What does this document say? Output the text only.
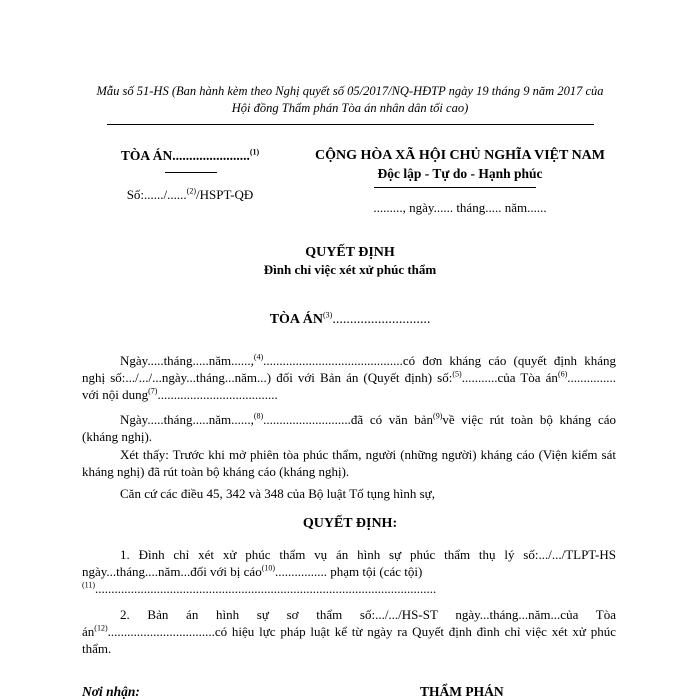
Mẫu số 51-HS (Ban hành kèm theo Nghị quyết số 05/2017/NQ-HĐTP ngày 19 tháng 9 năm 2017 của
Hội đồng Thẩm phán Tòa án nhân dân tối cao)
TÒA ÁN.......................$^{(1)}$
Số:....../......$^{(2)}$/HSPT-QĐ
CỘNG HÒA XÃ HỘI CHỦ NGHĨA VIỆT NAM
Độc lập - Tự do - Hạnh phúc
........., ngày...... tháng..... năm......
QUYẾT ĐỊNH
Đình chỉ việc xét xử phúc thẩm
TÒA ÁN$^{(3)}$............................
Ngày.....tháng.....năm......,$^{(4)}$...........................................có đơn kháng cáo (quyết định kháng nghị số:.../.../...ngày...tháng...năm...) đối với Bản án (Quyết định) số:$^{(5)}$...........của Tòa $án^{(6)}$............... với nội dung$^{(7)}$.....................................
Ngày.....tháng.....năm......,$^{(8)}$...........................đã có văn bản$^{(9)}$về việc rút toàn bộ kháng cáo (kháng nghị).
Xét thấy: Trước khi mở phiên tòa phúc thẩm, người (những người) kháng cáo (Viện kiểm sát kháng nghị) đã rút toàn bộ kháng cáo (kháng nghị).
Căn cứ các điều 45, 342 và 348 của Bộ luật Tố tụng hình sự,
QUYẾT ĐỊNH:
1. Đình chỉ xét xử phúc thẩm vụ án hình sự phúc thẩm thụ lý số:.../.../TLPT-HS ngày...tháng....năm...đối với bị cáo$^{(10)}$................ phạm tội (các tội)
$^{(11)}$.........................................................................................................
2. Bản án hình sự sơ thẩm số:.../.../HS-ST ngày...tháng...năm...của Tòa $án^{(12)}.................................có$ hiệu lực pháp luật kể từ ngày ra Quyết định đình chỉ việc xét xử phúc thẩm.
Nơi nhận:	THẨM PHÁN
